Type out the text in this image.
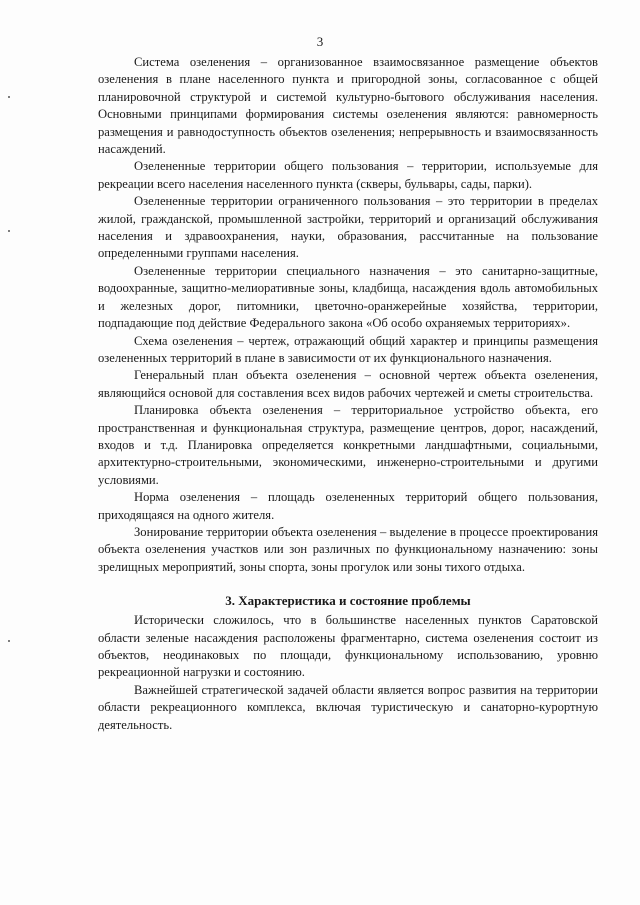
3

Система озеленения – организованное взаимосвязанное размещение объектов озеленения в плане населенного пункта и пригородной зоны, согласованное с общей планировочной структурой и системой культурно-бытового обслуживания населения. Основными принципами формирования системы озеленения являются: равномерность размещения и равнодоступность объектов озеленения; непрерывность и взаимосвязанность насаждений.

Озелененные территории общего пользования – территории, используемые для рекреации всего населения населенного пункта (скверы, бульвары, сады, парки).

Озелененные территории ограниченного пользования – это территории в пределах жилой, гражданской, промышленной застройки, территорий и организаций обслуживания населения и здравоохранения, науки, образования, рассчитанные на пользование определенными группами населения.

Озелененные территории специального назначения – это санитарно-защитные, водоохранные, защитно-мелиоративные зоны, кладбища, насаждения вдоль автомобильных и железных дорог, питомники, цветочно-оранжерейные хозяйства, территории, подпадающие под действие Федерального закона «Об особо охраняемых территориях».

Схема озеленения – чертеж, отражающий общий характер и принципы размещения озелененных территорий в плане в зависимости от их функционального назначения.

Генеральный план объекта озеленения – основной чертеж объекта озеленения, являющийся основой для составления всех видов рабочих чертежей и сметы строительства.

Планировка объекта озеленения – территориальное устройство объекта, его пространственная и функциональная структура, размещение центров, дорог, насаждений, входов и т.д. Планировка определяется конкретными ландшафтными, социальными, архитектурно-строительными, экономическими, инженерно-строительными и другими условиями.

Норма озеленения – площадь озелененных территорий общего пользования, приходящаяся на одного жителя.

Зонирование территории объекта озеленения – выделение в процессе проектирования объекта озеленения участков или зон различных по функциональному назначению: зоны зрелищных мероприятий, зоны спорта, зоны прогулок или зоны тихого отдыха.

3. Характеристика и состояние проблемы

Исторически сложилось, что в большинстве населенных пунктов Саратовской области зеленые насаждения расположены фрагментарно, система озеленения состоит из объектов, неодинаковых по площади, функциональному использованию, уровню рекреационной нагрузки и состоянию.

Важнейшей стратегической задачей области является вопрос развития на территории области рекреационного комплекса, включая туристическую и санаторно-курортную деятельность.
